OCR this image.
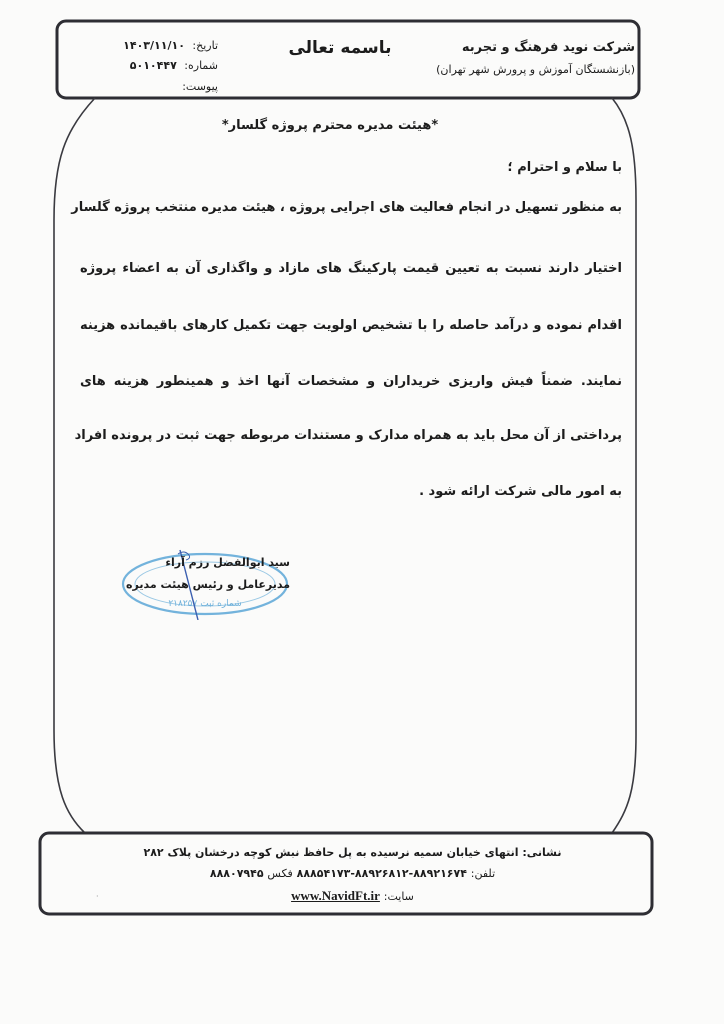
شرکت نوید فرهنگ و تجربه
(بازنشستگان آموزش و پرورش شهر تهران)
باسمه تعالی
تاریخ: ۱۴۰۳/۱۱/۱۰
شماره: ۵۰۱۰۴۴۷
پیوست:
*هیئت مدیره محترم پروژه گلسار*
با سلام و احترام ؛
به منظور تسهیل در انجام فعالیت های اجرایی پروژه ، هیئت مدیره منتخب پروژه گلسار
اختیار دارند نسبت به تعیین قیمت پارکینگ های مازاد و واگذاری آن به اعضاء پروژه
اقدام نموده و درآمد حاصله را با تشخیص اولویت جهت تکمیل کارهای باقیمانده هزینه
نمایند. ضمناً فیش واریزی خریداران و مشخصات آنها اخذ و همینطور هزینه های
پرداختی از آن محل باید به همراه مدارک و مستندات مربوطه جهت ثبت در پرونده افراد
به امور مالی شرکت ارائه شود .
شماره ثبت ۲۱۸۲۵۷
سید ابوالفضل رزم آراء
مدیرعامل و رئیس هیئت مدیره
نشانی: انتهای خیابان سمیه نرسیده به پل حافظ نبش کوچه درخشان پلاک ۲۸۲
تلفن: ۸۸۹۲۱۶۷۴-۸۸۹۲۶۸۱۲-۸۸۸۵۴۱۷۳ فکس ۸۸۸۰۷۹۴۵
سایت: www.NavidFt.ir
·
